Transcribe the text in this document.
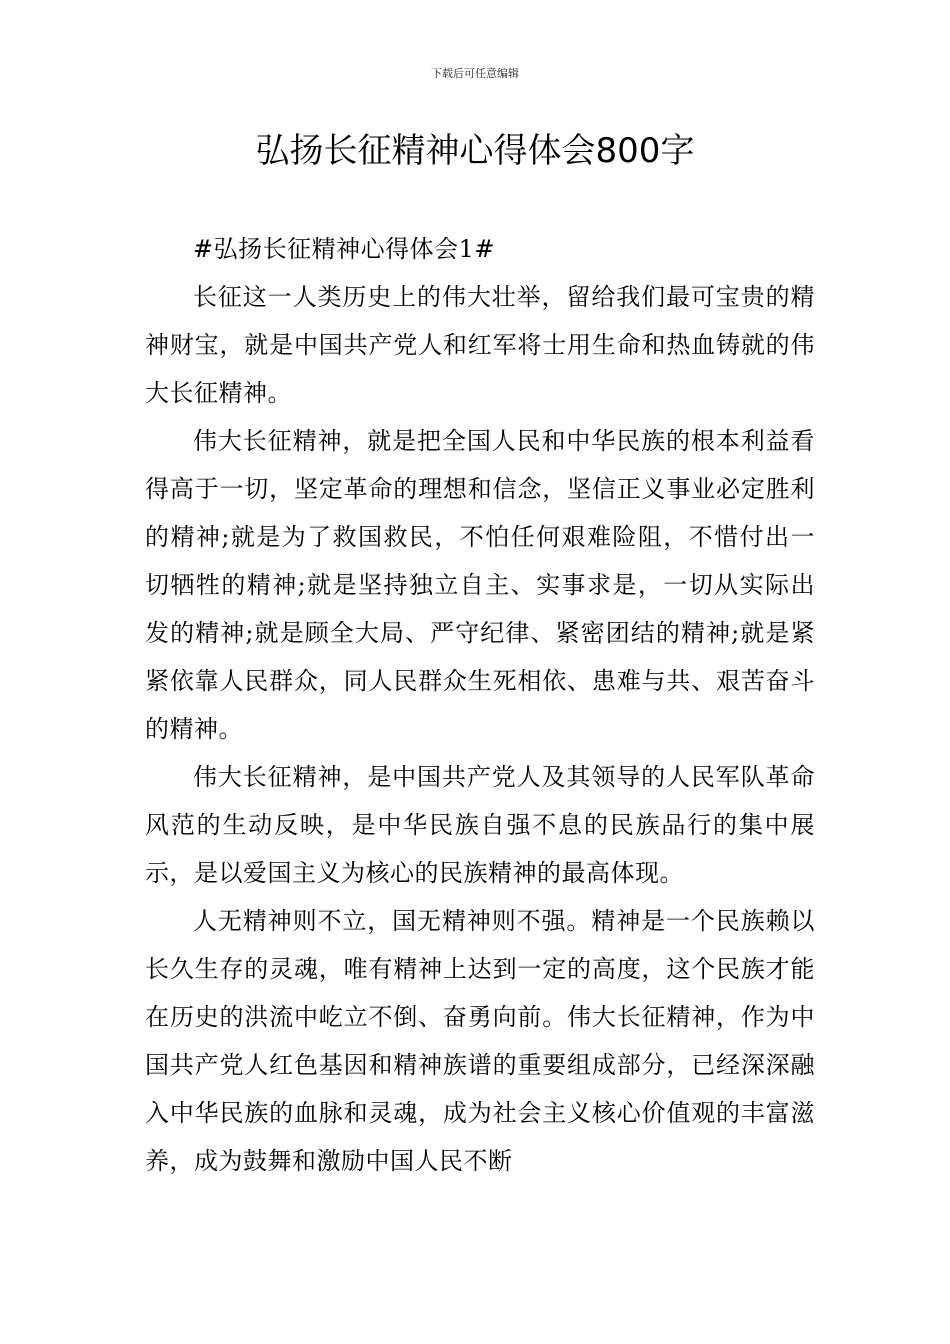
下载后可任意编辑
弘扬长征精神心得体会800字

#弘扬长征精神心得体会1#

长征这一人类历史上的伟大壮举，留给我们最可宝贵的精神财宝，就是中国共产党人和红军将士用生命和热血铸就的伟大长征精神。

伟大长征精神，就是把全国人民和中华民族的根本利益看得高于一切，坚定革命的理想和信念，坚信正义事业必定胜利的精神;就是为了救国救民，不怕任何艰难险阻，不惜付出一切牺牲的精神;就是坚持独立自主、实事求是，一切从实际出发的精神;就是顾全大局、严守纪律、紧密团结的精神;就是紧紧依靠人民群众，同人民群众生死相依、患难与共、艰苦奋斗的精神。

伟大长征精神，是中国共产党人及其领导的人民军队革命风范的生动反映，是中华民族自强不息的民族品行的集中展示，是以爱国主义为核心的民族精神的最高体现。

人无精神则不立，国无精神则不强。精神是一个民族赖以长久生存的灵魂，唯有精神上达到一定的高度，这个民族才能在历史的洪流中屹立不倒、奋勇向前。伟大长征精神，作为中国共产党人红色基因和精神族谱的重要组成部分，已经深深融入中华民族的血脉和灵魂，成为社会主义核心价值观的丰富滋养，成为鼓舞和激励中国人民不断
